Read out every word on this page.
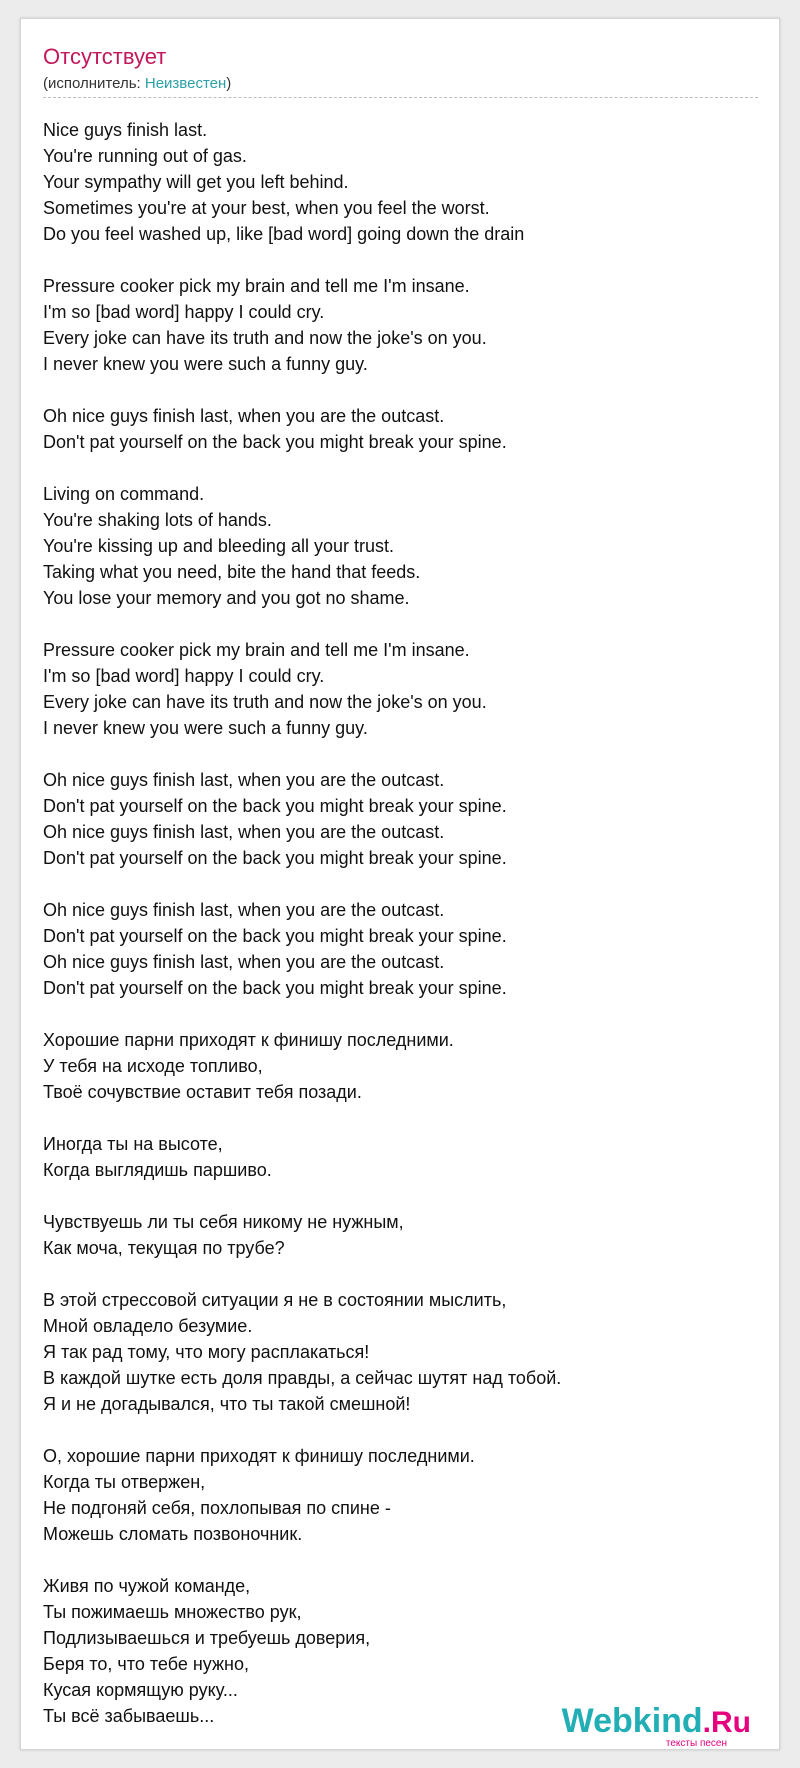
Отсутствует
(исполнитель: Неизвестен)

Nice guys finish last.
You're running out of gas.
Your sympathy will get you left behind.
Sometimes you're at your best, when you feel the worst.
Do you feel washed up, like [bad word] going down the drain

Pressure cooker pick my brain and tell me I'm insane.
I'm so [bad word] happy I could cry.
Every joke can have its truth and now the joke's on you.
I never knew you were such a funny guy.

Oh nice guys finish last, when you are the outcast.
Don't pat yourself on the back you might break your spine.

Living on command.
You're shaking lots of hands.
You're kissing up and bleeding all your trust.
Taking what you need, bite the hand that feeds.
You lose your memory and you got no shame.

Pressure cooker pick my brain and tell me I'm insane.
I'm so [bad word] happy I could cry.
Every joke can have its truth and now the joke's on you.
I never knew you were such a funny guy.

Oh nice guys finish last, when you are the outcast.
Don't pat yourself on the back you might break your spine.
Oh nice guys finish last, when you are the outcast.
Don't pat yourself on the back you might break your spine.

Oh nice guys finish last, when you are the outcast.
Don't pat yourself on the back you might break your spine.
Oh nice guys finish last, when you are the outcast.
Don't pat yourself on the back you might break your spine.

Хорошие парни приходят к финишу последними.
У тебя на исходе топливо,
Твоё сочувствие оставит тебя позади.

Иногда ты на высоте,
Когда выглядишь паршиво.

Чувствуешь ли ты себя никому не нужным,
Как моча, текущая по трубе?

В этой стрессовой ситуации я не в состоянии мыслить,
Мной овладело безумие.
Я так рад тому, что могу расплакаться!
В каждой шутке есть доля правды, а сейчас шутят над тобой.
Я и не догадывался, что ты такой смешной!

О, хорошие парни приходят к финишу последними.
Когда ты отвержен,
Не подгоняй себя, похлопывая по спине -
Можешь сломать позвоночник.

Живя по чужой команде,
Ты пожимаешь множество рук,
Подлизываешься и требуешь доверия,
Беря то, что тебе нужно,
Кусая кормящую руку...
Ты всё забываешь...	Webkind.Ru
тексты песен
